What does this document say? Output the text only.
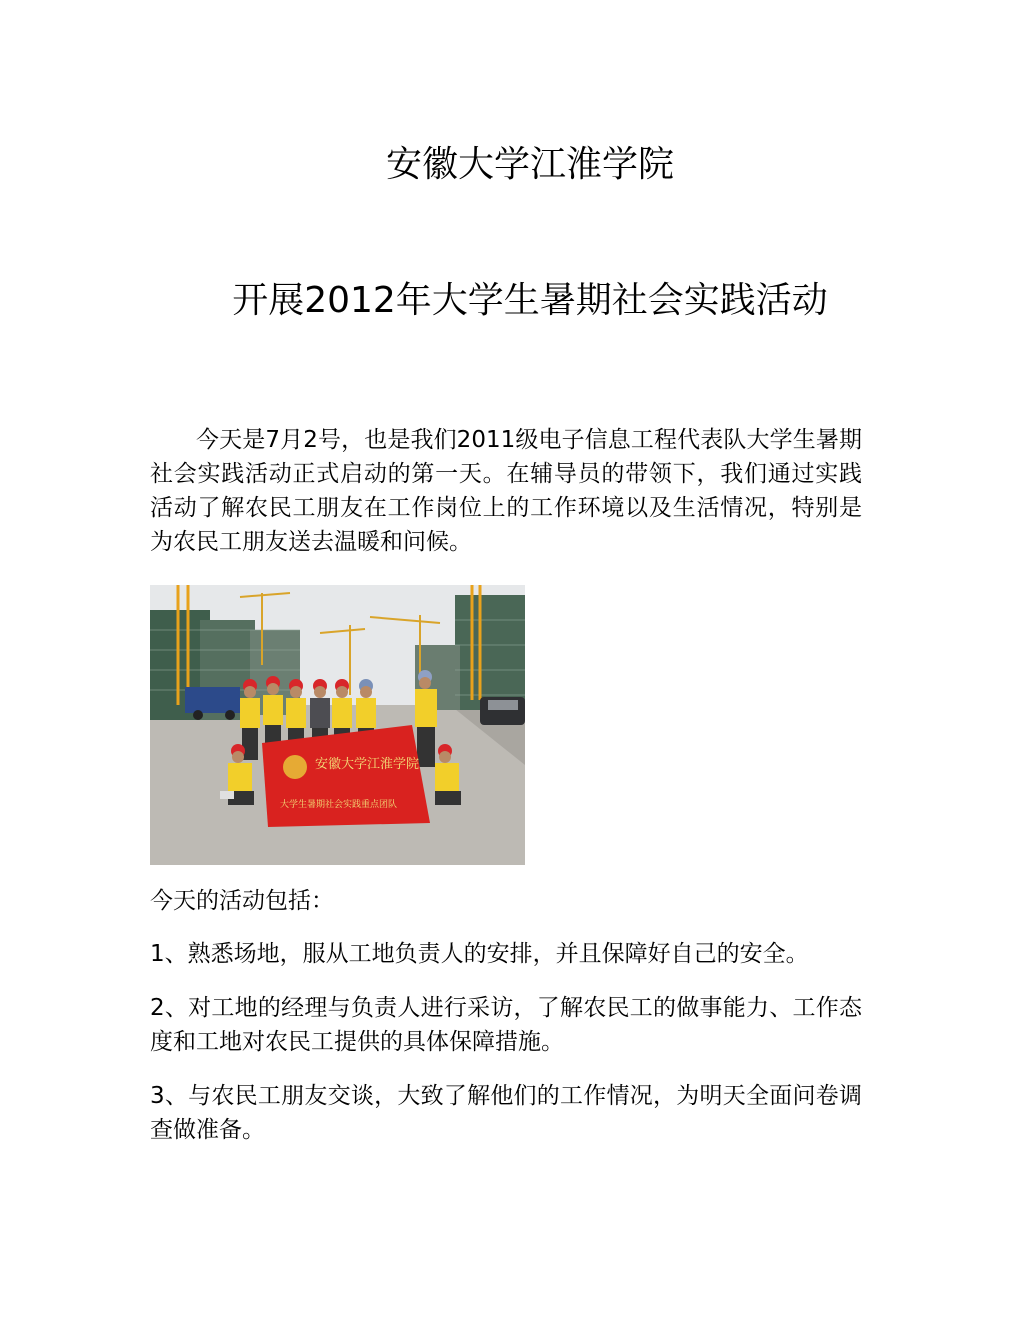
安徽大学江淮学院
开展2012年大学生暑期社会实践活动
今天是7月2号，也是我们2011级电子信息工程代表队大学生暑期社会实践活动正式启动的第一天。在辅导员的带领下，我们通过实践活动了解农民工朋友在工作岗位上的工作环境以及生活情况，特别是为农民工朋友送去温暖和问候。
安徽大学江淮学院
大学生暑期社会实践重点团队
今天的活动包括：
1、熟悉场地，服从工地负责人的安排，并且保障好自己的安全。
2、对工地的经理与负责人进行采访，了解农民工的做事能力、工作态度和工地对农民工提供的具体保障措施。
3、与农民工朋友交谈，大致了解他们的工作情况，为明天全面问卷调查做准备。
